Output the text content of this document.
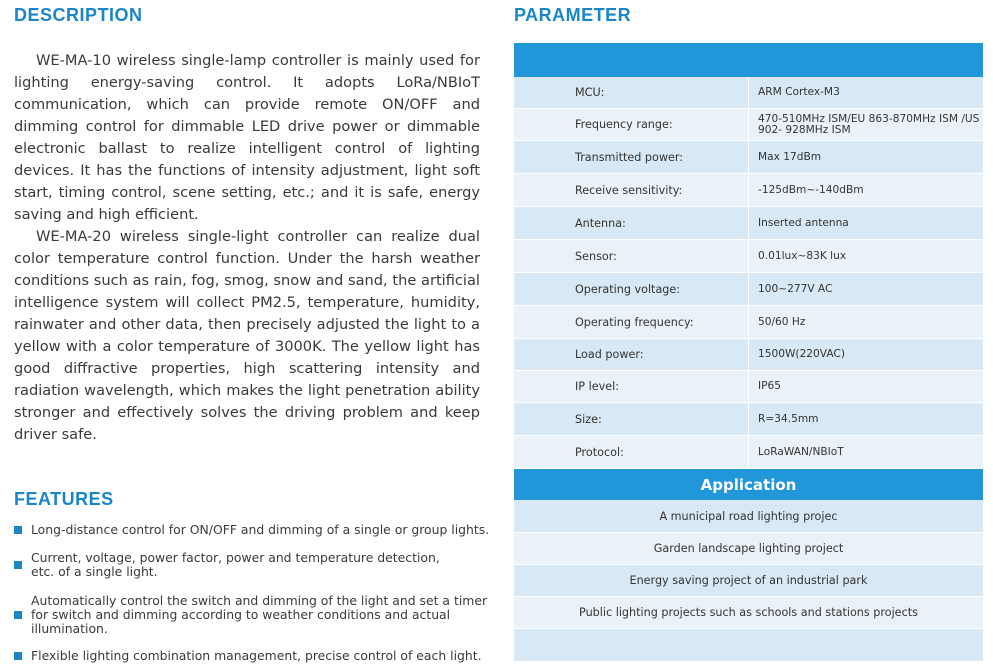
DESCRIPTION

WE-MA-10 wireless single-lamp controller is mainly used for lighting energy-saving control. It adopts LoRa/NBIoT communication, which can provide remote ON/OFF and dimming control for dimmable LED drive power or dimmable electronic ballast to realize intelligent control of lighting devices. It has the functions of intensity adjustment, light soft start, timing control, scene setting, etc.; and it is safe, energy saving and high efficient.

WE-MA-20 wireless single-light controller can realize dual color temperature control function. Under the harsh weather conditions such as rain, fog, smog, snow and sand, the artificial intelligence system will collect PM2.5, temperature, humidity, rainwater and other data, then precisely adjusted the light to a yellow with a color temperature of 3000K. The yellow light has good diffractive properties, high scattering intensity and radiation wavelength, which makes the light penetration ability stronger and effectively solves the driving problem and keep driver safe.

FEATURES
Long-distance control for ON/OFF and dimming of a single or group lights.
Current, voltage, power factor, power and temperature detection, etc. of a single light.
Automatically control the switch and dimming of the light and set a timer for switch and dimming according to weather conditions and actual illumination.
Flexible lighting combination management, precise control of each light.
PARAMETER
MCU:	ARM Cortex-M3
Frequency range:	470-510MHz ISM/EU 863-870MHz ISM /US 902- 928MHz ISM
Transmitted power:	Max 17dBm
Receive sensitivity:	-125dBm~-140dBm
Antenna:	Inserted antenna
Sensor:	0.01lux~83K lux
Operating voltage:	100~277V AC
Operating frequency:	50/60 Hz
Load power:	1500W(220VAC)
IP level:	IP65
Size:	R=34.5mm
Protocol:	LoRaWAN/NBIoT
Application
A municipal road lighting projec
Garden landscape lighting project
Energy saving project of an industrial park
Public lighting projects such as schools and stations projects
